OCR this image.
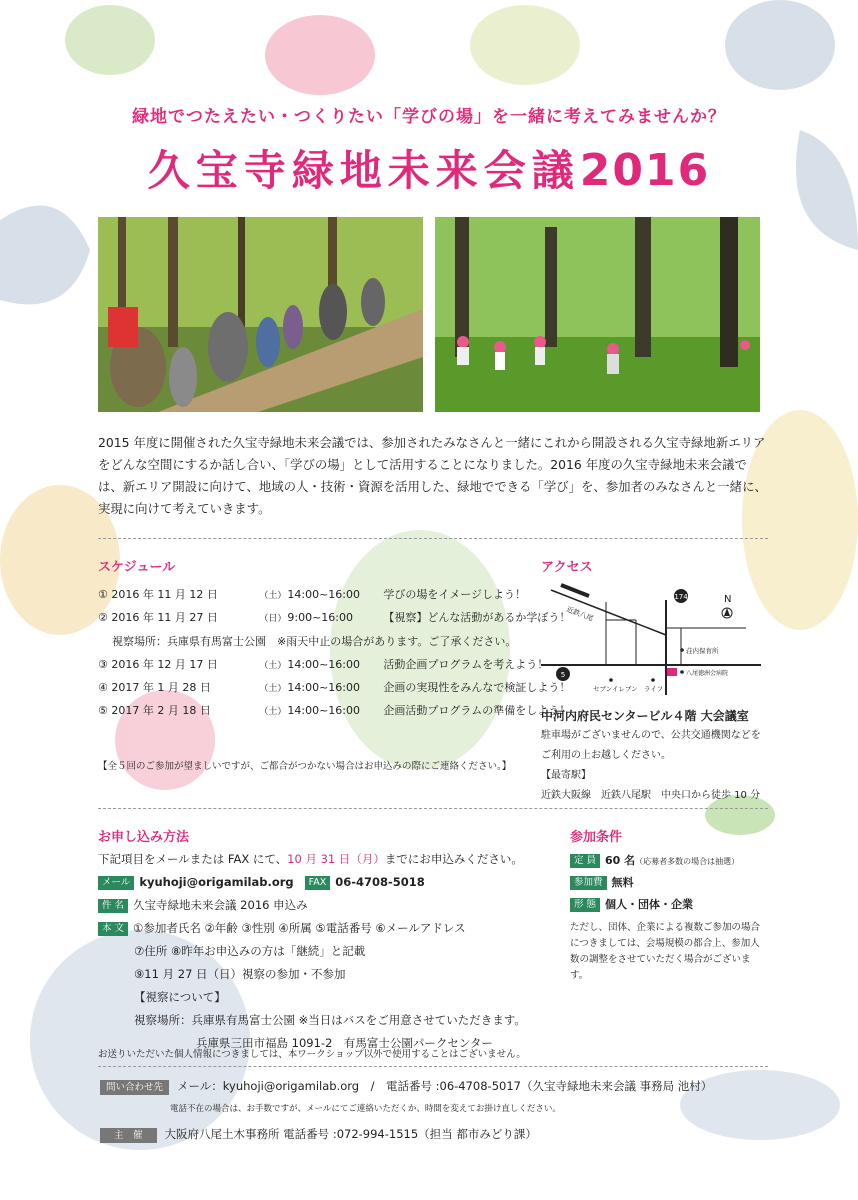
緑地でつたえたい・つくりたい「学びの場」を一緒に考えてみませんか？
久宝寺緑地未来会議2016
2015 年度に開催された久宝寺緑地未来会議では、参加されたみなさんと一緒にこれから開設される久宝寺緑地新エリアをどんな空間にするか話し合い、「学びの場」として活用することになりました。2016 年度の久宝寺緑地未来会議では、新エリア開設に向けて、地域の人・技術・資源を活用した、緑地でできる「学び」を、参加者のみなさんと一緒に、実現に向けて考えていきます。
スケジュール
① 2016 年 11 月 12 日	（土）14:00~16:00 学びの場をイメージしよう！
② 2016 年 11 月 27 日	（日）9:00~16:00	【視察】どんな活動があるか学ぼう！
視察場所：兵庫県有馬富士公園　※雨天中止の場合があります。ご了承ください。
③ 2016 年 12 月 17 日	（土）14:00~16:00 活動企画プログラムを考えよう！
④ 2017 年 1 月 28 日	（土）14:00~16:00 企画の実現性をみんなで検証しよう！
⑤ 2017 年 2 月 18 日	（土）14:00~16:00 企画活動プログラムの準備をしよう！
【全５回のご参加が望ましいですが、ご都合がつかない場合はお申込みの際にご連絡ください。】
アクセス
174
5
近鉄八尾
N
荘内保育所
八尾徳洲会病院
セブンイレブン ライフ
中河内府民センタービル４階 大会議室
駐車場がございませんので、公共交通機関などを
ご利用の上お越しください。
【最寄駅】
近鉄大阪線　近鉄八尾駅　中央口から徒歩 10 分
お申し込み方法
下記項目をメールまたは FAX にて、10 月 31 日（月）までにお申込みください。
メール kyuhoji@origamilab.org FAX 06-4708-5018
件 名 久宝寺緑地未来会議 2016 申込み
本 文 ①参加者氏名 ②年齢 ③性別 ④所属 ⑤電話番号 ⑥メールアドレス
⑦住所 ⑧昨年お申込みの方は「継続」と記載
⑨11 月 27 日（日）視察の参加・不参加
【視察について】
視察場所：兵庫県有馬富士公園 ※当日はバスをご用意させていただきます。
兵庫県三田市福島 1091-2　有馬富士公園パークセンター
参加条件
定 員 60 名（応募者多数の場合は抽選）
参加費 無料
形 態 個人・団体・企業
ただし、団体、企業による複数ご参加の場合につきましては、会場規模の都合上、参加人数の調整をさせていただく場合がございます。
お送りいただいた個人情報につきましては、本ワークショップ以外で使用することはございません。
問い合わせ先 メール：kyuhoji@origamilab.org　/　電話番号 :06-4708-5017（久宝寺緑地未来会議 事務局 池村）
電話不在の場合は、お手数ですが、メールにてご連絡いただくか、時間を変えてお掛け直しください。
主　催 大阪府八尾土木事務所 電話番号 :072-994-1515（担当 都市みどり課）
